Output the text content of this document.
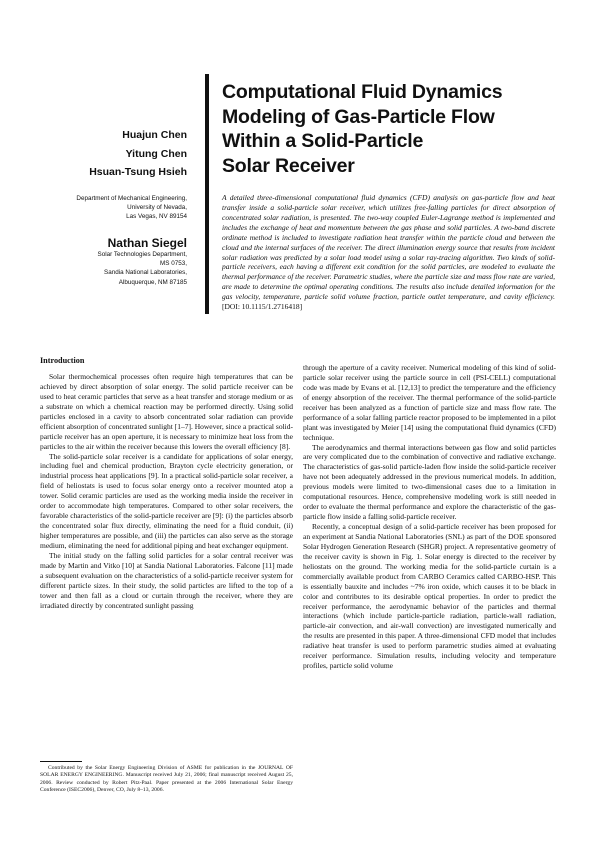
Computational Fluid Dynamics
Modeling of Gas-Particle Flow
Within a Solid-Particle
Solar Receiver
Huajun Chen
Yitung Chen
Hsuan-Tsung Hsieh
Department of Mechanical Engineering,
University of Nevada,
Las Vegas, NV 89154
Nathan Siegel
Solar Technologies Department,
MS 0753,
Sandia National Laboratories,
Albuquerque, NM 87185
A detailed three-dimensional computational fluid dynamics (CFD) analysis on gas-particle flow and heat transfer inside a solid-particle solar receiver, which utilizes free-falling particles for direct absorption of concentrated solar radiation, is presented. The two-way coupled Euler-Lagrange method is implemented and includes the exchange of heat and momentum between the gas phase and solid particles. A two-band discrete ordinate method is included to investigate radiation heat transfer within the particle cloud and between the cloud and the internal surfaces of the receiver. The direct illumination energy source that results from incident solar radiation was predicted by a solar load model using a solar ray-tracing algorithm. Two kinds of solid-particle receivers, each having a different exit condition for the solid particles, are modeled to evaluate the thermal performance of the receiver. Parametric studies, where the particle size and mass flow rate are varied, are made to determine the optimal operating conditions. The results also include detailed information for the gas velocity, temperature, particle solid volume fraction, particle outlet temperature, and cavity efficiency. [DOI: 10.1115/1.2716418]
Introduction

Solar thermochemical processes often require high temperatures that can be achieved by direct absorption of solar energy. The solid particle receiver can be used to heat ceramic particles that serve as a heat transfer and storage medium or as a substrate on which a chemical reaction may be performed directly. Using solid particles enclosed in a cavity to absorb concentrated solar radiation can provide efficient absorption of concentrated sunlight [1–7]. However, since a practical solid-particle receiver has an open aperture, it is necessary to minimize heat loss from the particles to the air within the receiver because this lowers the overall efficiency [8].

The solid-particle solar receiver is a candidate for applications of solar energy, including fuel and chemical production, Brayton cycle electricity generation, or industrial process heat applications [9]. In a practical solid-particle solar receiver, a field of heliostats is used to focus solar energy onto a receiver mounted atop a tower. Solid ceramic particles are used as the working media inside the receiver in order to accommodate high temperatures. Compared to other solar receivers, the favorable characteristics of the solid-particle receiver are [9]: (i) the particles absorb the concentrated solar flux directly, eliminating the need for a fluid conduit, (ii) higher temperatures are possible, and (iii) the particles can also serve as the storage medium, eliminating the need for additional piping and heat exchanger equipment.

The initial study on the falling solid particles for a solar central receiver was made by Martin and Vitko [10] at Sandia National Laboratories. Falcone [11] made a subsequent evaluation on the characteristics of a solid-particle receiver system for different particle sizes. In their study, the solid particles are lifted to the top of a tower and then fall as a cloud or curtain through the receiver, where they are irradiated directly by concentrated sunlight passing

through the aperture of a cavity receiver. Numerical modeling of this kind of solid-particle solar receiver using the particle source in cell (PSI-CELL) computational code was made by Evans et al. [12,13] to predict the temperature and the efficiency of energy absorption of the receiver. The thermal performance of the solid-particle receiver has been analyzed as a function of particle size and mass flow rate. The performance of a solar falling particle reactor proposed to be implemented in a pilot plant was investigated by Meier [14] using the computational fluid dynamics (CFD) technique.

The aerodynamics and thermal interactions between gas flow and solid particles are very complicated due to the combination of convective and radiative exchange. The characteristics of gas-solid particle-laden flow inside the solid-particle receiver have not been adequately addressed in the previous numerical models. In addition, previous models were limited to two-dimensional cases due to a limitation in computational resources. Hence, comprehensive modeling work is still needed in order to evaluate the thermal performance and explore the characteristic of the gas-particle flow inside a falling solid-particle receiver.

Recently, a conceptual design of a solid-particle receiver has been proposed for an experiment at Sandia National Laboratories (SNL) as part of the DOE sponsored Solar Hydrogen Generation Research (SHGR) project. A representative geometry of the receiver cavity is shown in Fig. 1. Solar energy is directed to the receiver by heliostats on the ground. The working media for the solid-particle curtain is a commercially available product from CARBO Ceramics called CARBO-HSP. This is essentially bauxite and includes ~7% iron oxide, which causes it to be black in color and contributes to its desirable optical properties. In order to predict the receiver performance, the aerodynamic behavior of the particles and thermal interactions (which include particle-particle radiation, particle-wall radiation, particle-air convection, and air-wall convection) are investigated numerically and the results are presented in this paper. A three-dimensional CFD model that includes radiative heat transfer is used to perform parametric studies aimed at evaluating receiver performance. Simulation results, including velocity and temperature profiles, particle solid volume

Contributed by the Solar Energy Engineering Division of ASME for publication in the JOURNAL OF SOLAR ENERGY ENGINEERING. Manuscript received July 21, 2006; final manuscript received August 25, 2006. Review conducted by Robert Pitz-Paal. Paper presented at the 2006 International Solar Energy Conference (ISEC2006), Denver, CO, July 8–13, 2006.
